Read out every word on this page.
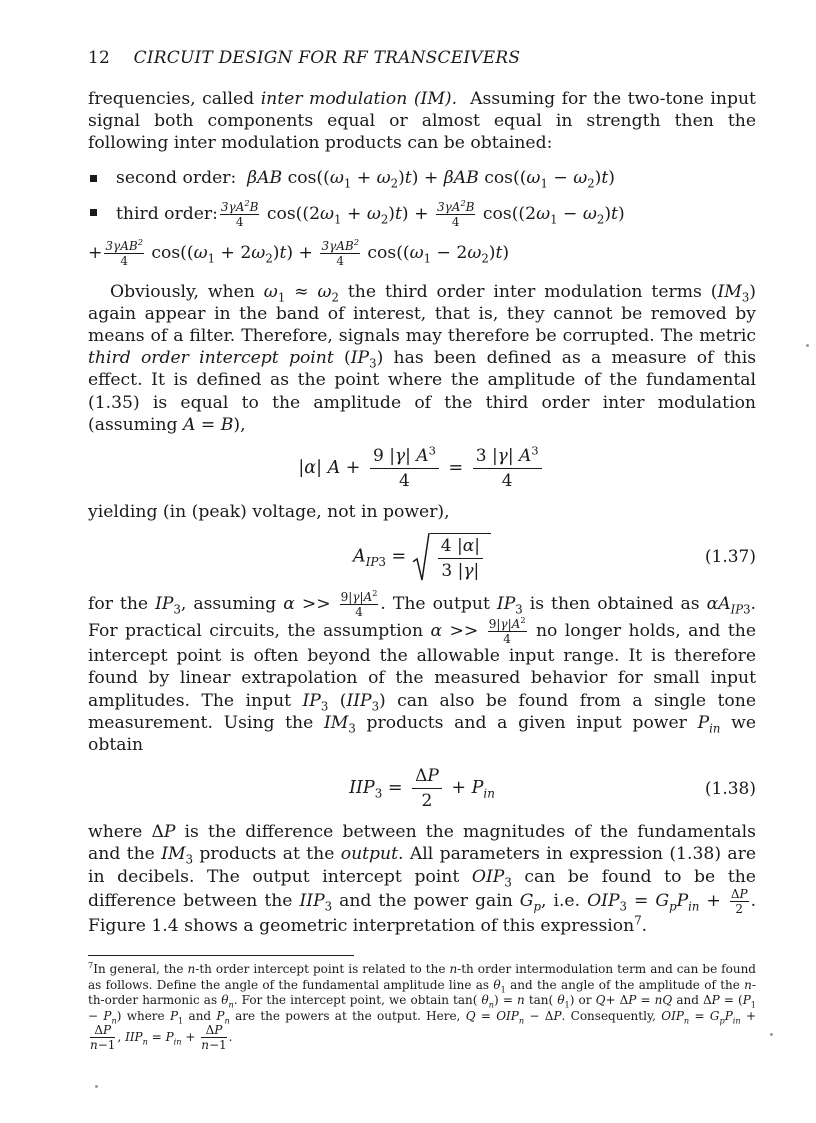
12 CIRCUIT DESIGN FOR RF TRANSCEIVERS

frequencies, called inter modulation (IM). Assuming for the two-tone input signal both components equal or almost equal in strength then the following inter modulation products can be obtained:

second order:  βAB $\cos((\omega_1 + \omega_2)t) + \beta AB$ $\cos((\omega_1 - \omega_2)t)$
third order: $\frac{3\gamma A^2B}{4} \cos((2\omega_1 + \omega_2)t) + \frac{3\gamma A^2B}{4} \cos((2\omega_1 - \omega_2)t)$
+ $\frac{3\gamma AB^2}{4} \cos((\omega_1 + 2\omega_2)t) + \frac{3\gamma AB^2}{4} \cos((\omega_1 - 2\omega_2)t)$

Obviously, when $\omega_1 \approx \omega_2$ the third order inter modulation terms $(IM_3)$ again appear in the band of interest, that is, they cannot be removed by means of a filter. Therefore, signals may therefore be corrupted. The metric third order intercept point $(IP_3)$ has been defined as a measure of this effect. It is defined as the point where the amplitude of the fundamental (1.35) is equal to the amplitude of the third order inter modulation (assuming A = B),

|α| $A + \frac{9 |\gamma| A^3}{4} = \frac{3 |\gamma| A^3}{4}$

yielding (in (peak) voltage, not in power),

$A_{IP3} = \frac{4 |\alpha|}{3 |\gamma|}$	(1.37)

for the $IP_3$, assuming $\alpha >> \frac{9|\gamma|A^2}{4}$ . The output $IP_3$ is then obtained as $\alpha A_{IP3}$. For practical circuits, the assumption $\alpha >> \frac{9|\gamma|A^2}{4}$ no longer holds, and the intercept point is often beyond the allowable input range. It is therefore found by linear extrapolation of the measured behavior for small input amplitudes. The input $IP_3$ $(IIP_3)$ can also be found from a single tone measurement. Using the $IM_3$ products and a given input power $P_{in}$ we obtain

$IIP_3 = \frac{\Delta P}{2} + P_{in}$	(1.38)

where ΔP is the difference between the magnitudes of the fundamentals and the $IM_3$ products at the output. All parameters in expression (1.38) are in decibels. The output intercept point $OIP_3$ can be found to be the difference between the $IIP_3$ and the power gain $G_p$, i.e. $OIP_3 = G_pP_{in} + \frac{\Delta P}{2}$ . Figure 1.4 shows a geometric interpretation of this expression$^7$.

$^7$In general, the n-th order intercept point is related to the n-th order intermodulation term and can be found as follows. Define the angle of the fundamental amplitude line as $\theta_1$ and the angle of the amplitude of the n-th-order harmonic as $\theta_n$. For the intercept point, we obtain tan( $\theta_n) = n$ tan( $\theta_1$) or Q+ ΔP = nQ and $\Delta P = (P_1 - P_n)$ where $P_1$ and $P_n$ are the powers at the output. Here, $Q = OIP_n - \Delta P$. Consequently, $OIP_n = G_pP_{in}$ +
$\frac{\Delta P}{n-1}$ , $IIP_n = P_{in} + \frac{\Delta P}{n-1}$ .
